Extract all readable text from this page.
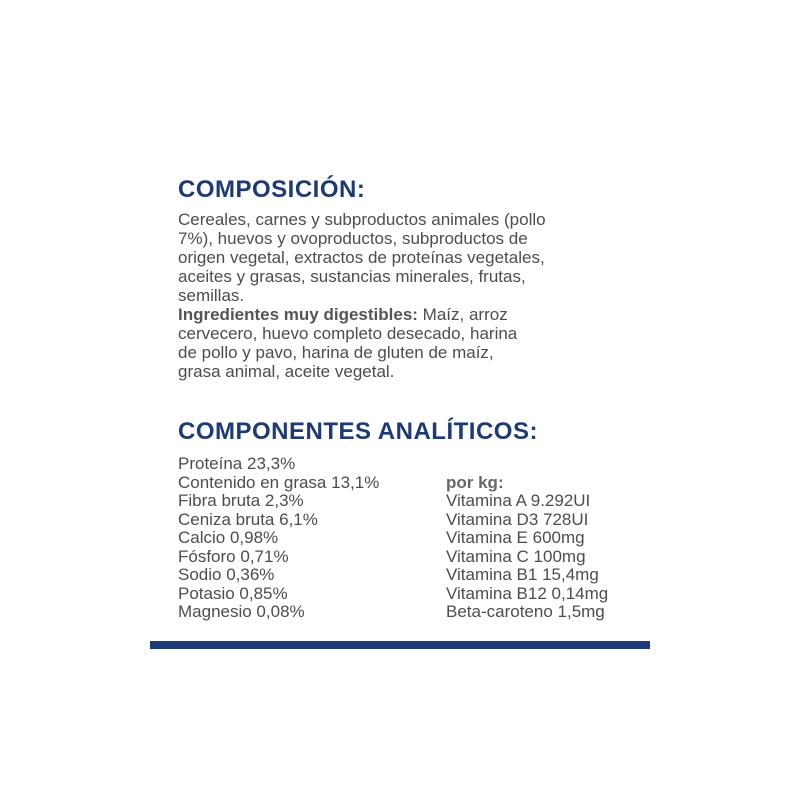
COMPOSICIÓN:

Cereales, carnes y subproductos animales (pollo

7%), huevos y ovoproductos, subproductos de

origen vegetal, extractos de proteínas vegetales,

aceites y grasas, sustancias minerales, frutas,

semillas.

Ingredientes muy digestibles: Maíz, arroz

cervecero, huevo completo desecado, harina

de pollo y pavo, harina de gluten de maíz,

grasa animal, aceite vegetal.

COMPONENTES ANALÍTICOS:
Proteína 23,3%
Contenido en grasa 13,1%
Fibra bruta 2,3%
Ceniza bruta 6,1%
Calcio 0,98%
Fósforo 0,71%
Sodio 0,36%
Potasio 0,85%
Magnesio 0,08%
por kg:
Vitamina A 9.292UI
Vitamina D3 728UI
Vitamina E 600mg
Vitamina C 100mg
Vitamina B1 15,4mg
Vitamina B12 0,14mg
Beta-caroteno 1,5mg
